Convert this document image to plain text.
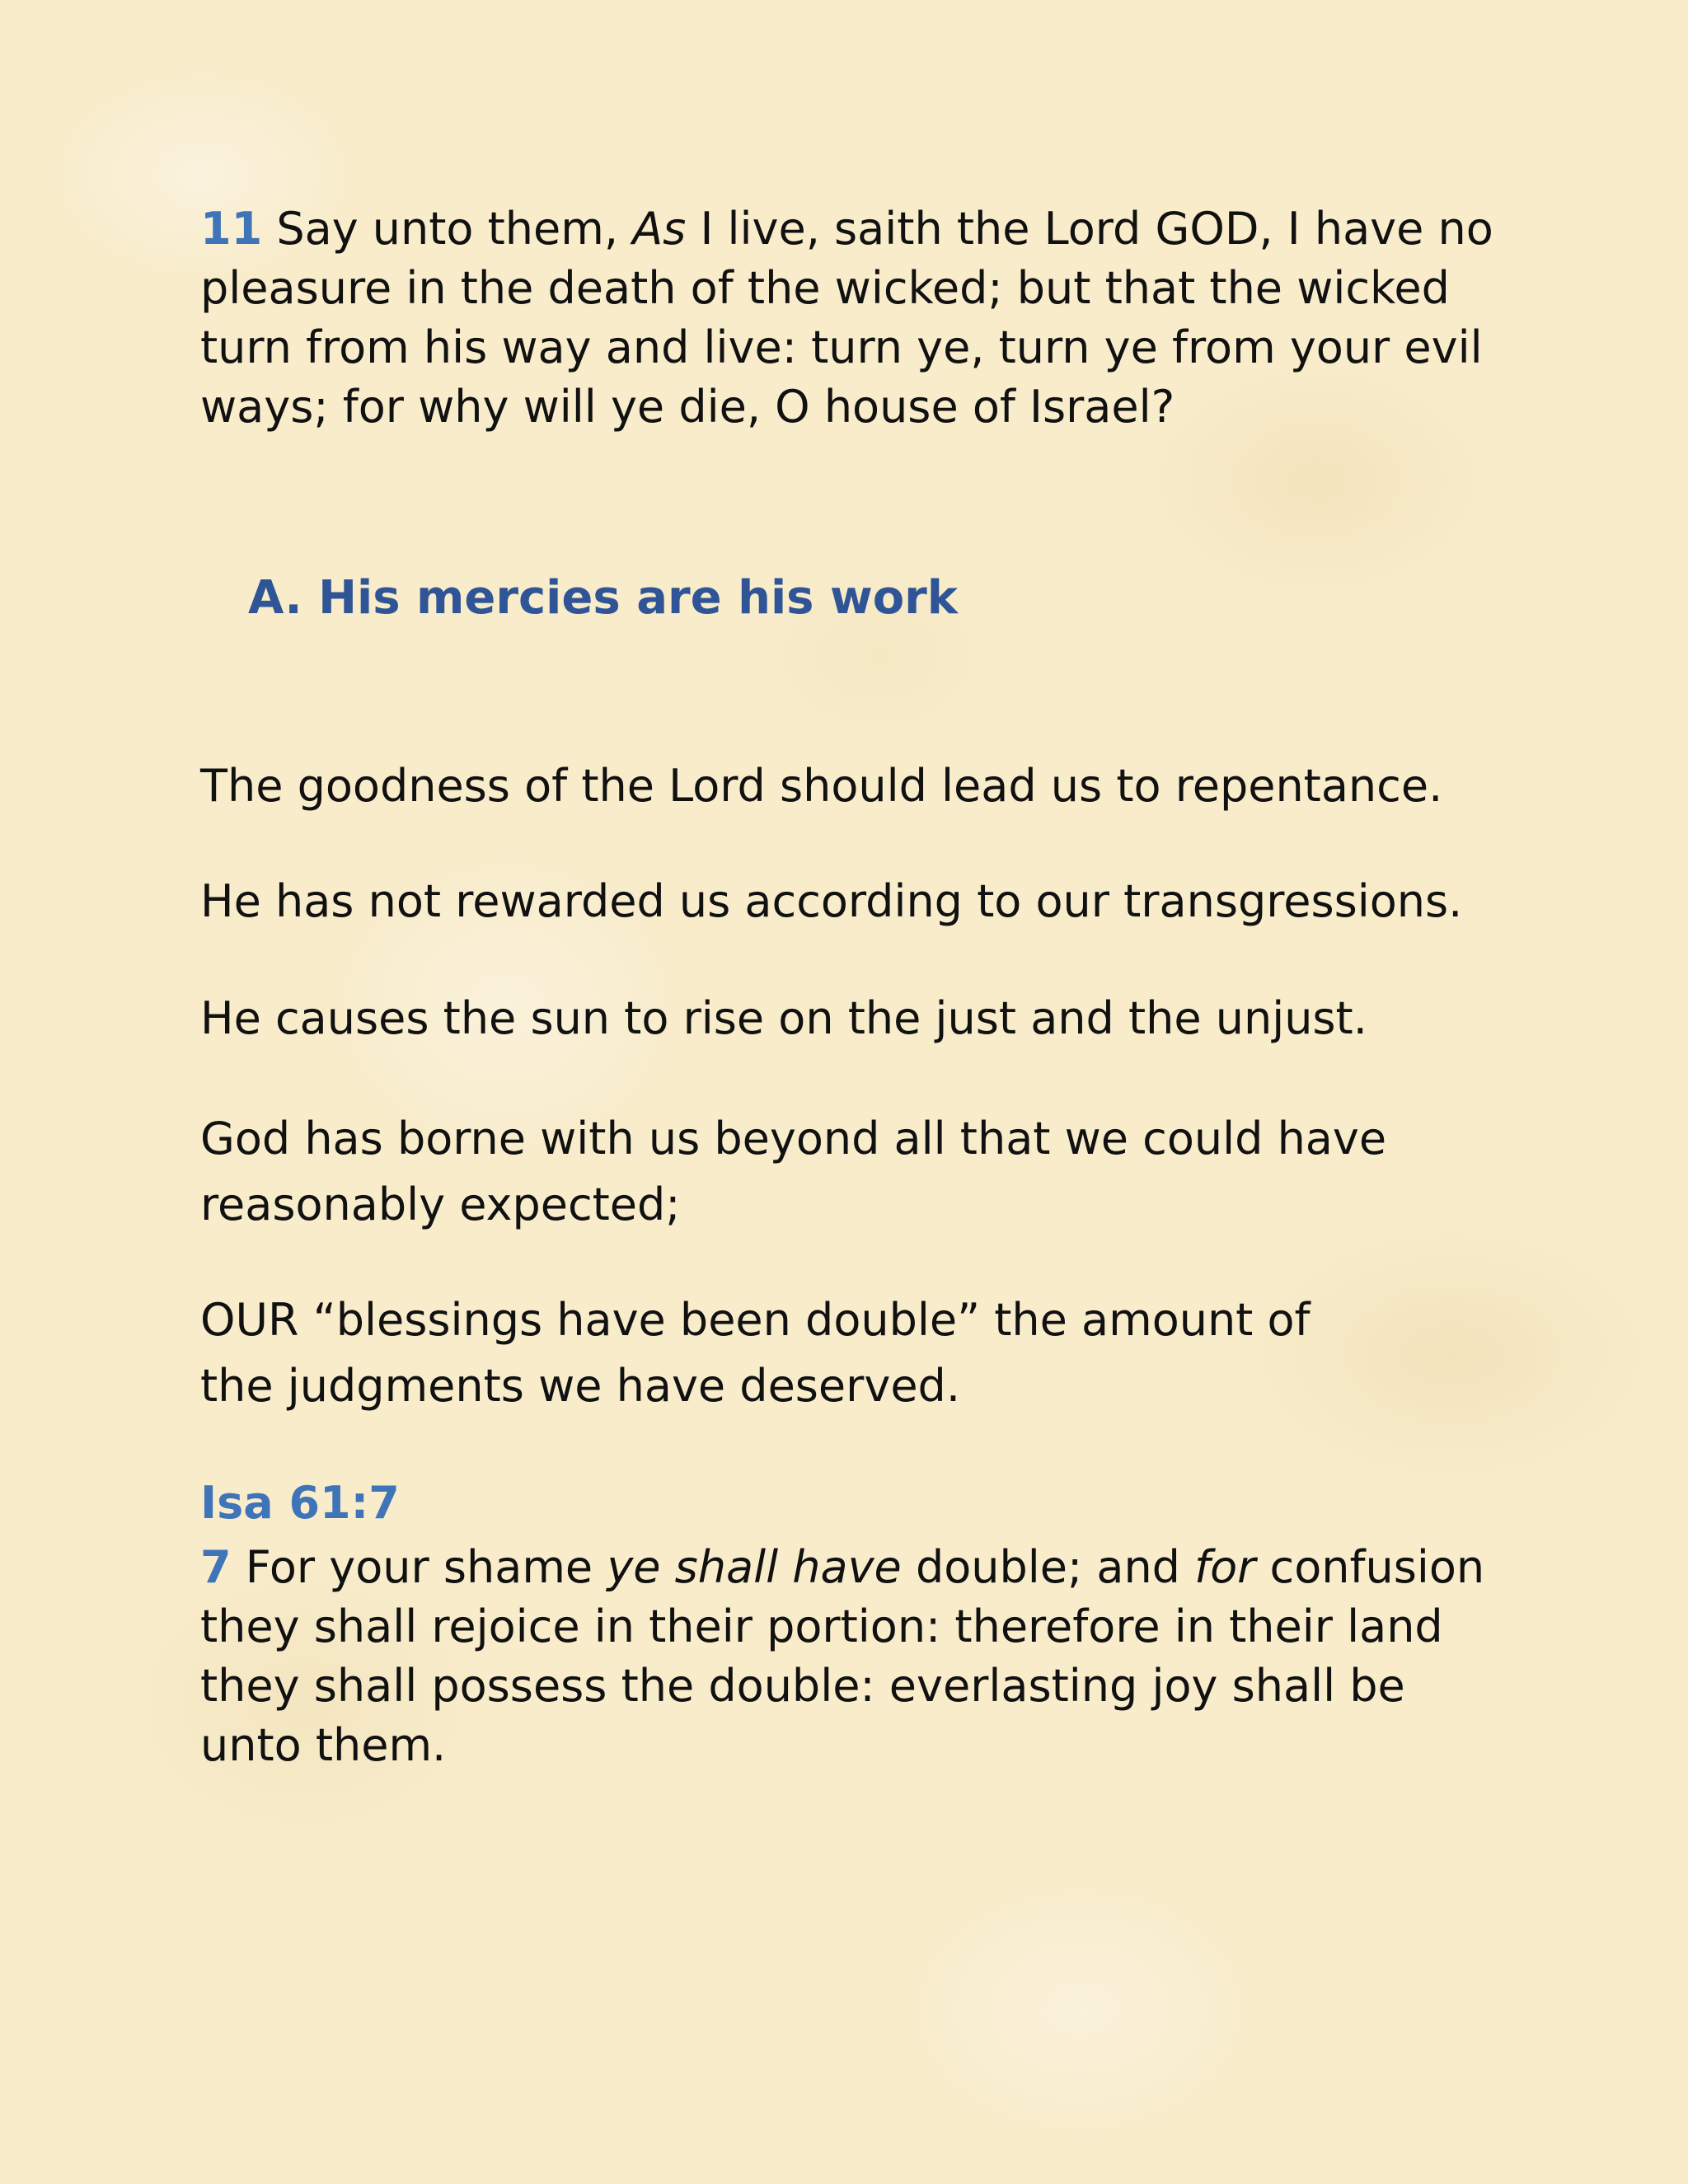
11 Say unto them, As I live, saith the Lord GOD, I have no pleasure in the death of the wicked; but that the wicked turn from his way and live: turn ye, turn ye from your evil ways; for why will ye die, O house of Israel?

A. His mercies are his work

The goodness of the Lord should lead us to repentance.

He has not rewarded us according to our transgressions.

He causes the sun to rise on the just and the unjust.

God has borne with us beyond all that we could have reasonably expected;

OUR “blessings have been double” the amount of the judgments we have deserved.

Isa 61:7

7 For your shame ye shall have double; and for confusion they shall rejoice in their portion: therefore in their land they shall possess the double: everlasting joy shall be unto them.
